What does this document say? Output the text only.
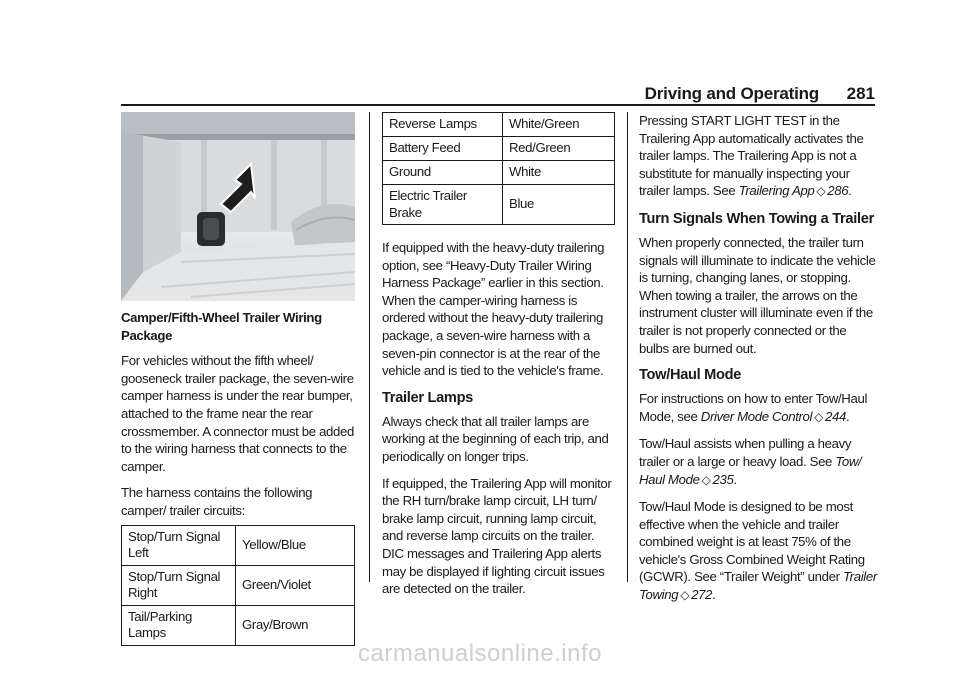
Driving and Operating 281

Camper/Fifth-Wheel Trailer Wiring Package

For vehicles without the fifth wheel/ gooseneck trailer package, the seven-wire camper harness is under the rear bumper, attached to the frame near the rear crossmember. A connector must be added to the wiring harness that connects to the camper.

The harness contains the following camper/ trailer circuits:

Stop/Turn Signal Left	Yellow/Blue
Stop/Turn Signal Right	Green/Violet
Tail/Parking Lamps	Gray/Brown
Reverse Lamps	White/Green
Battery Feed	Red/Green
Ground	White
Electric Trailer Brake	Blue

If equipped with the heavy-duty trailering option, see “Heavy-Duty Trailer Wiring Harness Package” earlier in this section. When the camper-wiring harness is ordered without the heavy-duty trailering package, a seven-wire harness with a seven-pin connector is at the rear of the vehicle and is tied to the vehicle's frame.

Trailer Lamps

Always check that all trailer lamps are working at the beginning of each trip, and periodically on longer trips.

If equipped, the Trailering App will monitor the RH turn/brake lamp circuit, LH turn/ brake lamp circuit, running lamp circuit, and reverse lamp circuits on the trailer. DIC messages and Trailering App alerts may be displayed if lighting circuit issues are detected on the trailer.

Pressing START LIGHT TEST in the Trailering App automatically activates the trailer lamps. The Trailering App is not a substitute for manually inspecting your trailer lamps. See Trailering App ◇ 286.

Turn Signals When Towing a Trailer

When properly connected, the trailer turn signals will illuminate to indicate the vehicle is turning, changing lanes, or stopping. When towing a trailer, the arrows on the instrument cluster will illuminate even if the trailer is not properly connected or the bulbs are burned out.

Tow/Haul Mode

For instructions on how to enter Tow/Haul Mode, see Driver Mode Control ◇ 244.

Tow/Haul assists when pulling a heavy trailer or a large or heavy load. See Tow/ Haul Mode ◇ 235.

Tow/Haul Mode is designed to be most effective when the vehicle and trailer combined weight is at least 75% of the vehicle's Gross Combined Weight Rating (GCWR). See “Trailer Weight” under Trailer Towing ◇ 272.

carmanualsonline.info
